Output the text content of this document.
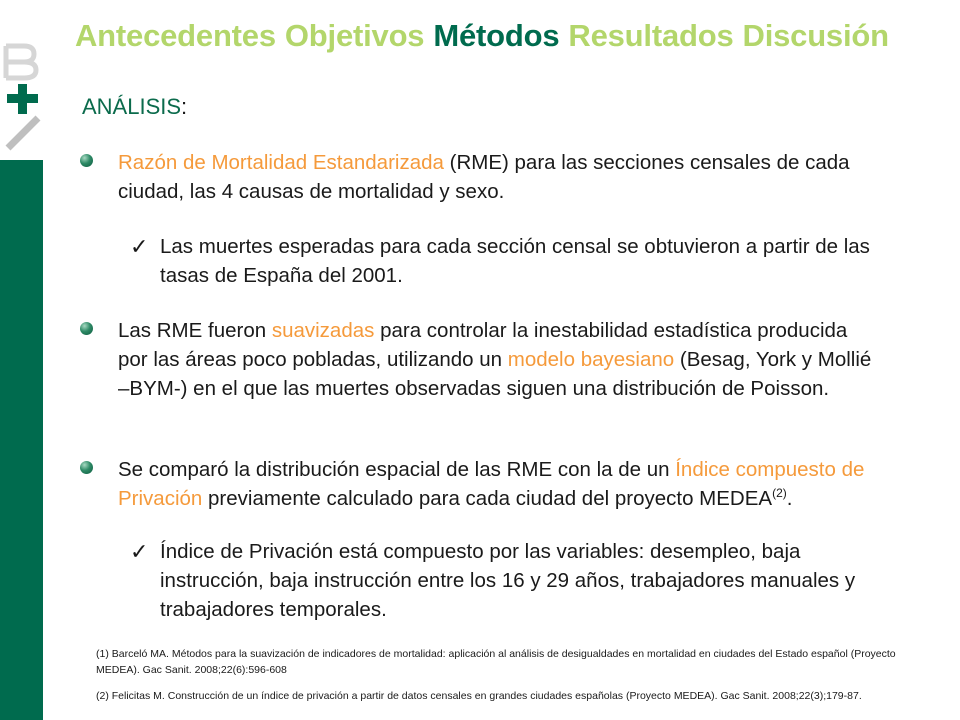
Antecedentes Objetivos Métodos Resultados Discusión
ANÁLISIS:
Razón de Mortalidad Estandarizada (RME) para las secciones censales de cada ciudad, las 4 causas de mortalidad y sexo.
✓ Las muertes esperadas para cada sección censal se obtuvieron a partir de las tasas de España del 2001.
Las RME fueron suavizadas para controlar la inestabilidad estadística producida por las áreas poco pobladas, utilizando un modelo bayesiano (Besag, York y Mollié –BYM-) en el que las muertes observadas siguen una distribución de Poisson.
Se comparó la distribución espacial de las RME con la de un Índice compuesto de Privación previamente calculado para cada ciudad del proyecto MEDEA$^{(2)}$.
✓ Índice de Privación está compuesto por las variables: desempleo, baja instrucción, baja instrucción entre los 16 y 29 años, trabajadores manuales y trabajadores temporales.
(1) Barceló MA. Métodos para la suavización de indicadores de mortalidad: aplicación al análisis de desigualdades en mortalidad en ciudades del Estado español (Proyecto MEDEA). Gac Sanit. 2008;22(6):596-608
(2) Felicitas M. Construcción de un índice de privación a partir de datos censales en grandes ciudades españolas (Proyecto MEDEA). Gac Sanit. 2008;22(3);179-87.
